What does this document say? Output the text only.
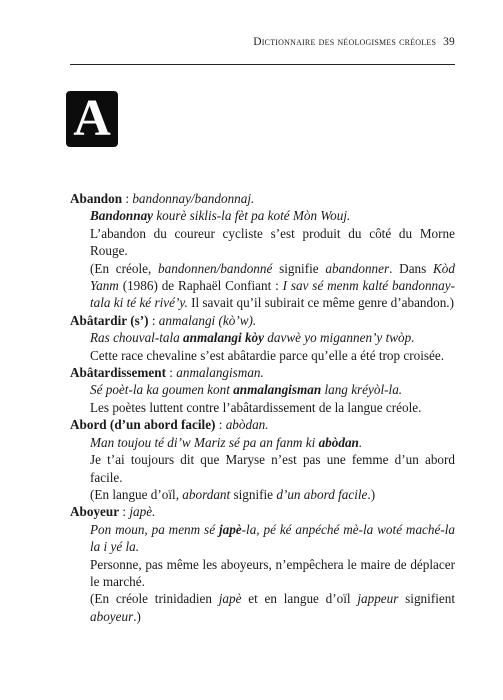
Dictionnaire des néologismes créoles 39
A

Abandon : bandonnay/bandonnaj.

Bandonnay kourè siklis-la fèt pa koté Mòn Wouj.

L’abandon du coureur cycliste s’est produit du côté du Morne Rouge.

(En créole, bandonnen/bandonné signifie abandonner. Dans Kòd Yanm (1986) de Raphaël Confiant : I sav sé menm kalté bandonnay-tala ki té ké rivé’y. Il savait qu’il subirait ce même genre d’abandon.)

Abâtardir (s’) : anmalangi (kò’w).

Ras chouval-tala anmalangi kòy davwè yo migannen’y twòp.

Cette race chevaline s’est abâtardie parce qu’elle a été trop croisée.

Abâtardissement : anmalangisman.

Sé poèt-la ka goumen kont anmalangisman lang kréyòl-la.

Les poètes luttent contre l’abâtardissement de la langue créole.

Abord (d’un abord facile) : abòdan.

Man toujou té di’w Mariz sé pa an fanm ki abòdan.

Je t’ai toujours dit que Maryse n’est pas une femme d’un abord facile.

(En langue d’oïl, abordant signifie d’un abord facile.)

Aboyeur : japè.

Pon moun, pa menm sé japè-la, pé ké anpéché mè-la woté maché-la la i yé la.

Personne, pas même les aboyeurs, n’empêchera le maire de déplacer le marché.

(En créole trinidadien japè et en langue d’oïl jappeur signifient aboyeur.)
